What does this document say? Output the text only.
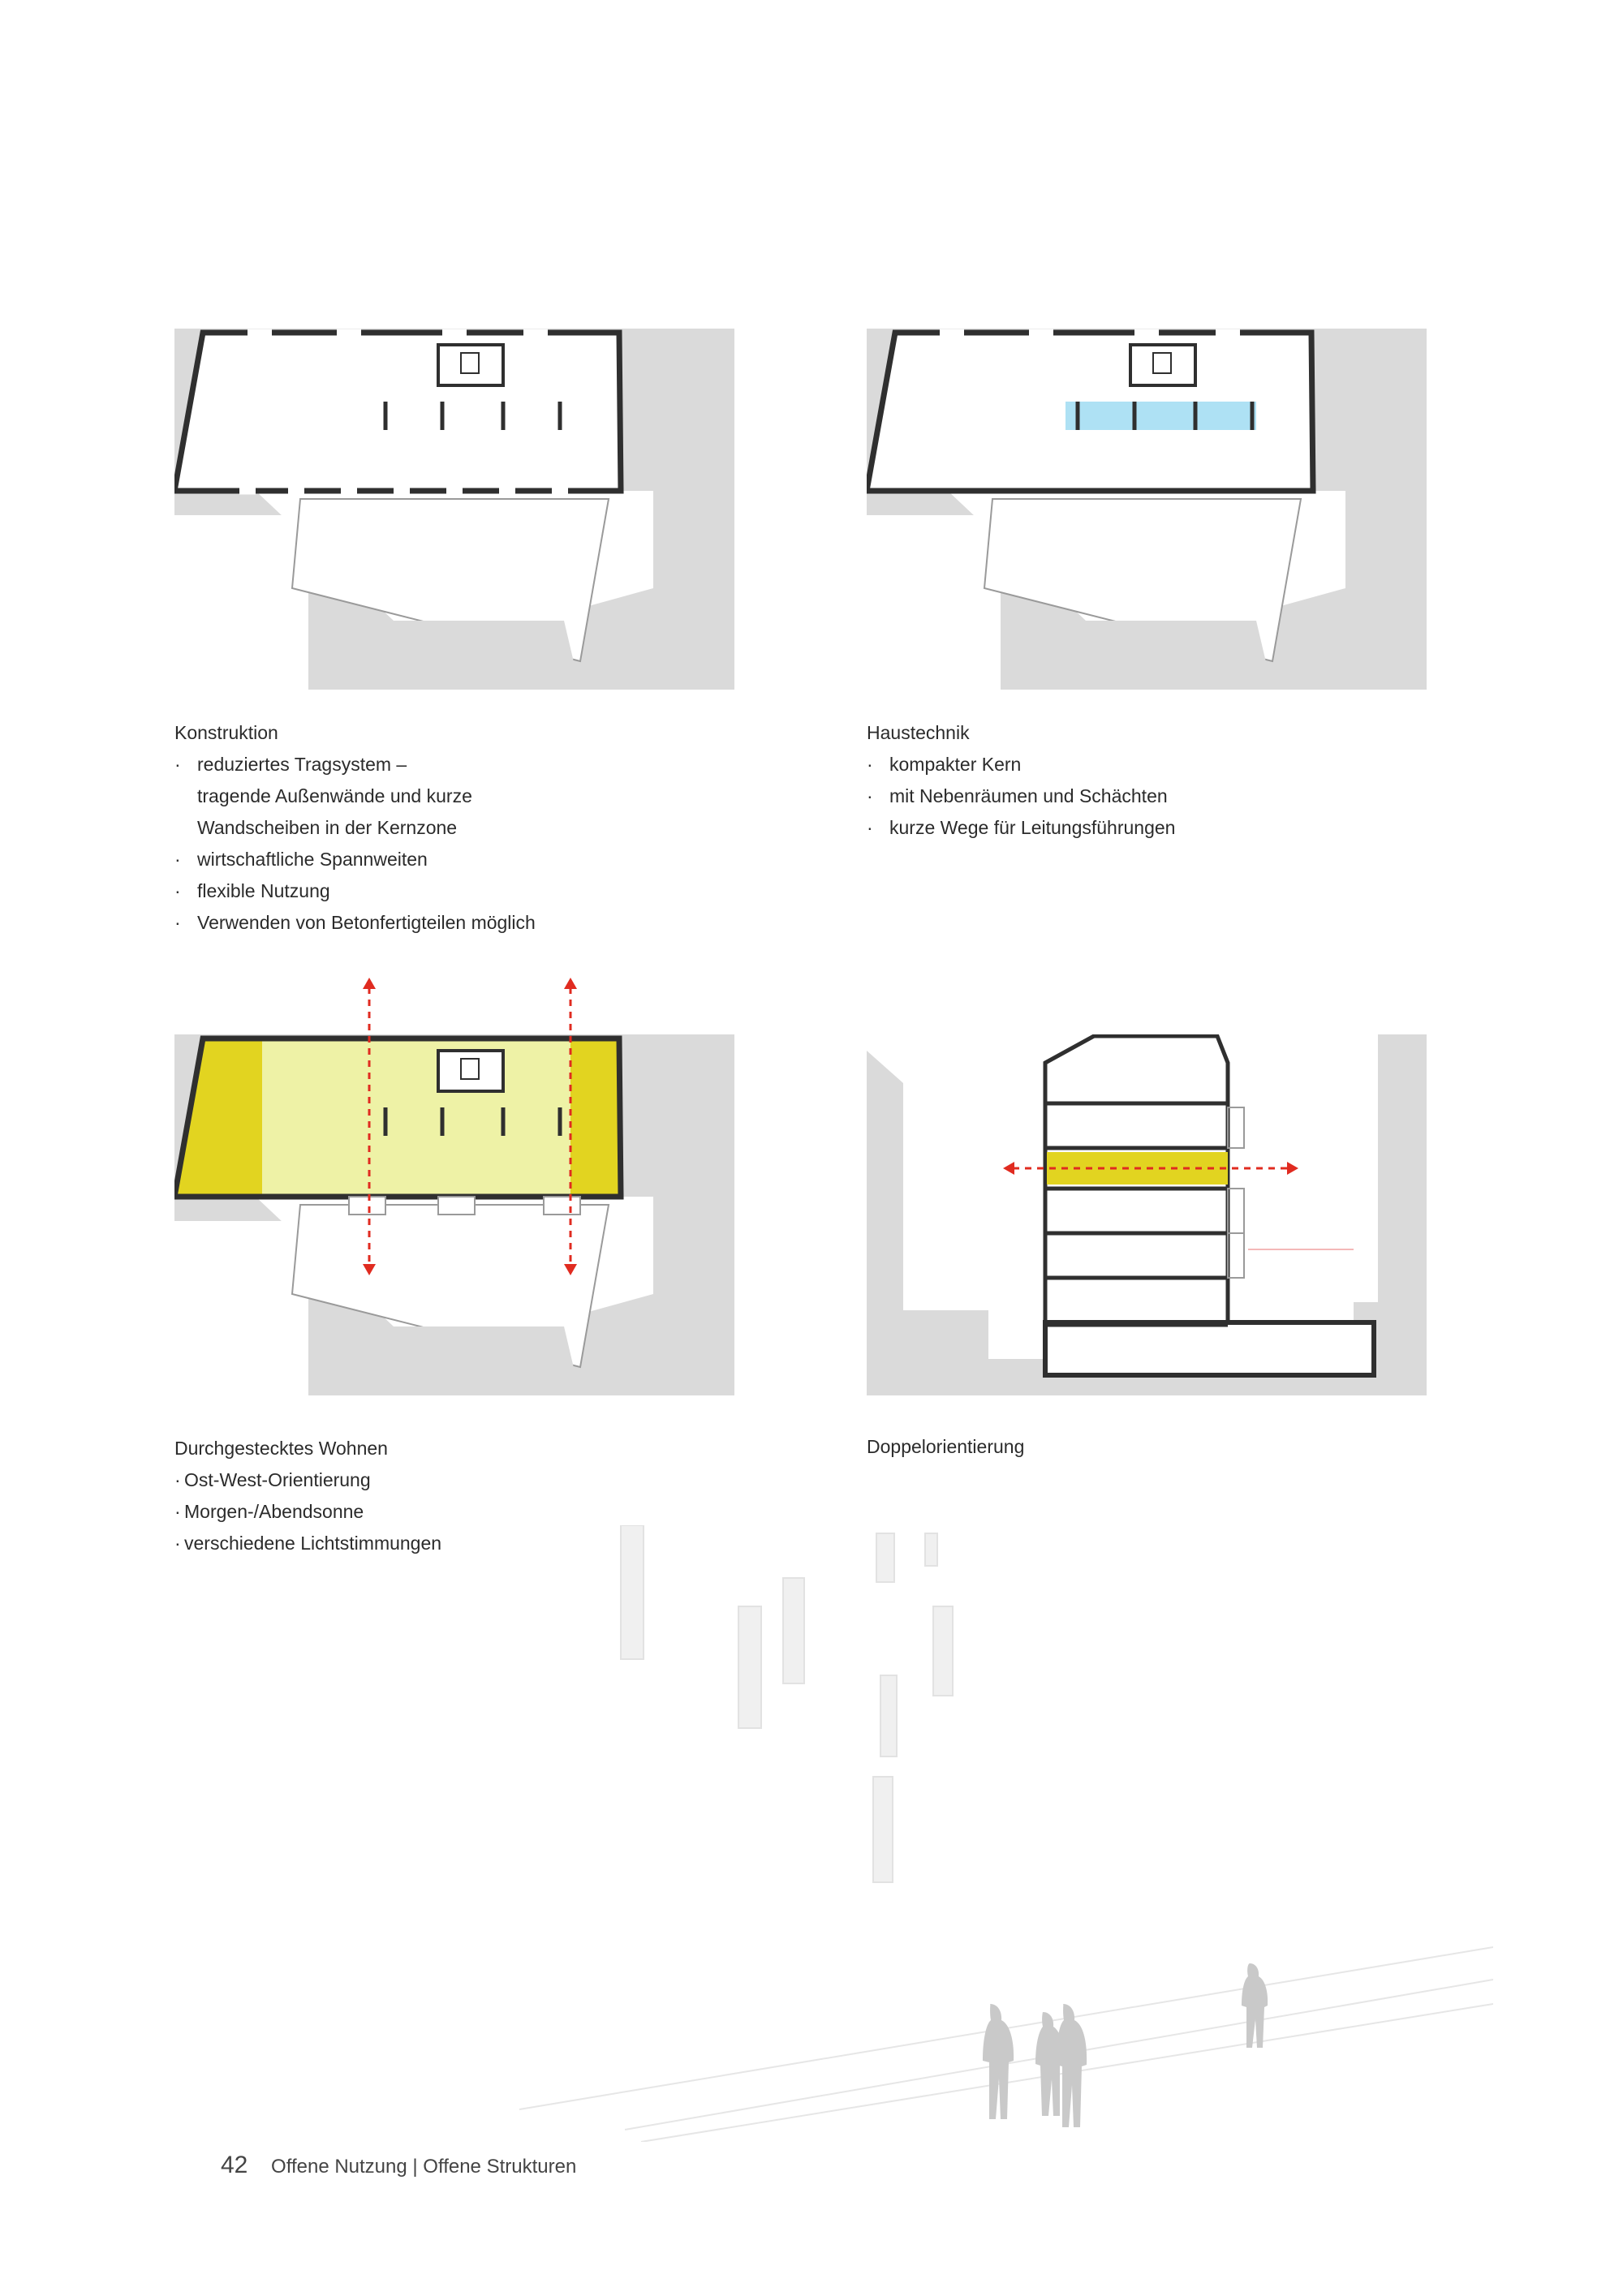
Konstruktion
· reduziertes Tragsystem –
tragende Außenwände und kurze
Wandscheiben in der Kernzone
· wirtschaftliche Spannweiten
· flexible Nutzung
· Verwenden von Betonfertigteilen möglich
Haustechnik
· kompakter Kern
· mit Nebenräumen und Schächten
· kurze Wege für Leitungsführungen
Durchgestecktes Wohnen
· Ost-West-Orientierung
· Morgen-/Abendsonne
· verschiedene Lichtstimmungen
Doppelorientierung
42 Offene Nutzung | Offene Strukturen
